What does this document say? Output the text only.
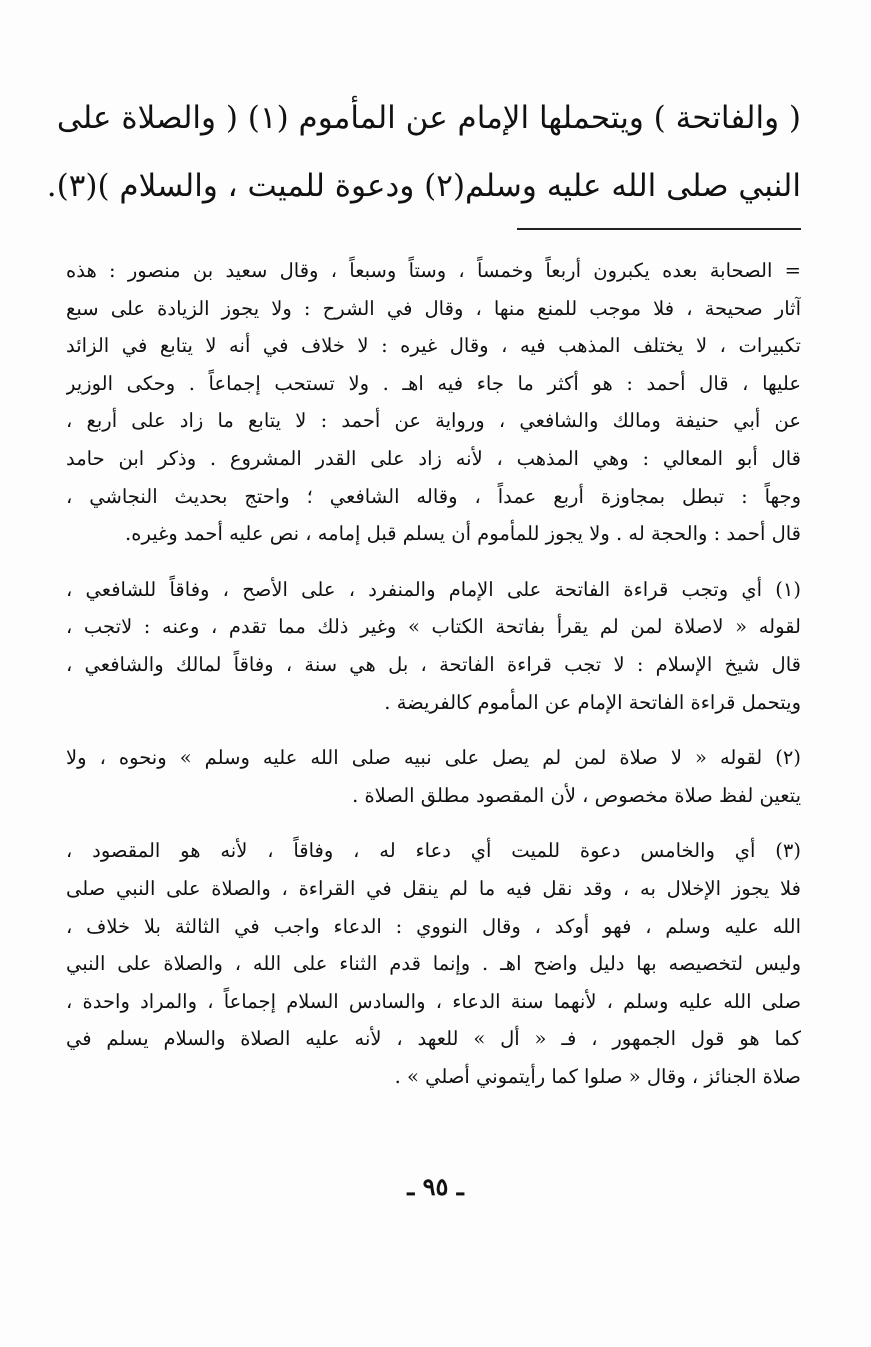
( والفاتحة ) ويتحملها الإمام عن المأموم (١) ( والصلاة على
النبي صلى الله عليه وسلم(٢) ودعوة للميت ، والسلام )(٣).
= الصحابة بعده يكبرون أربعاً وخمساً ، وستاً وسبعاً ، وقال سعيد بن منصور : هذه
آثار صحيحة ، فلا موجب للمنع منها ، وقال في الشرح : ولا يجوز الزيادة على سبع
تكبيرات ، لا يختلف المذهب فيه ، وقال غيره : لا خلاف في أنه لا يتابع في الزائد
عليها ، قال أحمد : هو أكثر ما جاء فيه اهـ . ولا تستحب إجماعاً . وحكى الوزير
عن أبي حنيفة ومالك والشافعي ، ورواية عن أحمد : لا يتابع ما زاد على أربع ،
قال أبو المعالي : وهي المذهب ، لأنه زاد على القدر المشروع . وذكر ابن حامد
وجهاً : تبطل بمجاوزة أربع عمداً ، وقاله الشافعي ؛ واحتج بحديث النجاشي ،
قال أحمد : والحجة له . ولا يجوز للمأموم أن يسلم قبل إمامه ، نص عليه أحمد وغيره.
(١) أي وتجب قراءة الفاتحة على الإمام والمنفرد ، على الأصح ، وفاقاً للشافعي ،
لقوله « لاصلاة لمن لم يقرأ بفاتحة الكتاب » وغير ذلك مما تقدم ، وعنه : لاتجب ،
قال شيخ الإسلام : لا تجب قراءة الفاتحة ، بل هي سنة ، وفاقاً لمالك والشافعي ،
ويتحمل قراءة الفاتحة الإمام عن المأموم كالفريضة .
(٢) لقوله « لا صلاة لمن لم يصل على نبيه صلى الله عليه وسلم » ونحوه ، ولا
يتعين لفظ صلاة مخصوص ، لأن المقصود مطلق الصلاة .
(٣) أي والخامس دعوة للميت أي دعاء له ، وفاقاً ، لأنه هو المقصود ،
فلا يجوز الإخلال به ، وقد نقل فيه ما لم ينقل في القراءة ، والصلاة على النبي صلى
الله عليه وسلم ، فهو أوكد ، وقال النووي : الدعاء واجب في الثالثة بلا خلاف ،
وليس لتخصيصه بها دليل واضح اهـ . وإنما قدم الثناء على الله ، والصلاة على النبي
صلى الله عليه وسلم ، لأنهما سنة الدعاء ، والسادس السلام إجماعاً ، والمراد واحدة ،
كما هو قول الجمهور ، فـ « أل » للعهد ، لأنه عليه الصلاة والسلام يسلم في
صلاة الجنائز ، وقال « صلوا كما رأيتموني أصلي » .
ـ ٩٥ ـ
